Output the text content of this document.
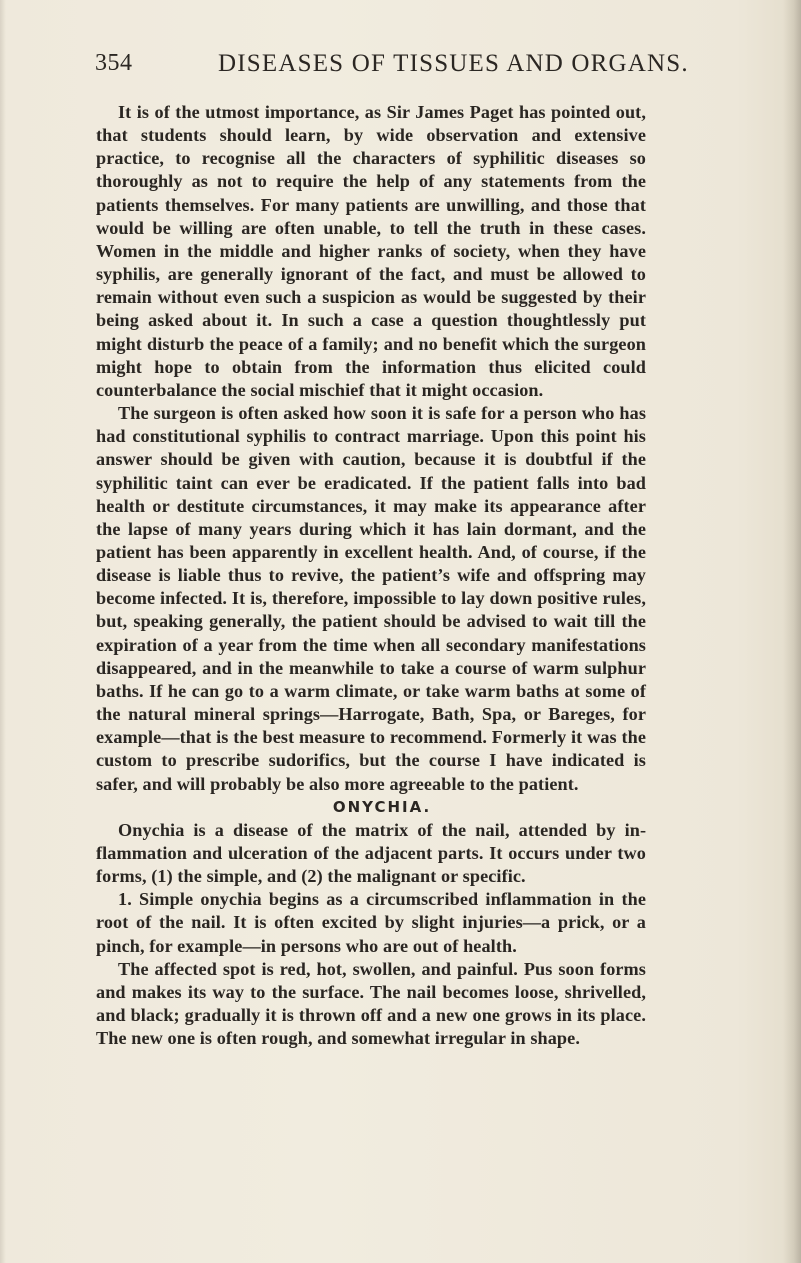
354	DISEASES OF TISSUES AND ORGANS.

It is of the utmost importance, as Sir James Paget has pointed out, that students should learn, by wide observation and extensive practice, to recognise all the characters of syphilitic diseases so thoroughly as not to require the help of any statements from the patients themselves. For many patients are unwilling, and those that would be willing are often unable, to tell the truth in these cases. Women in the middle and higher ranks of society, when they have syphilis, are generally ignorant of the fact, and must be allowed to remain without even such a suspicion as would be suggested by their being asked about it. In such a case a question thoughtlessly put might disturb the peace of a family; and no benefit which the surgeon might hope to obtain from the information thus elicited could counterbalance the social mischief that it might occasion.

The surgeon is often asked how soon it is safe for a person who has had constitutional syphilis to contract marriage. Upon this point his answer should be given with caution, because it is doubtful if the syphilitic taint can ever be eradicated. If the patient falls into bad health or destitute circumstances, it may make its appearance after the lapse of many years during which it has lain dormant, and the patient has been apparently in excellent health. And, of course, if the disease is liable thus to revive, the patient’s wife and offspring may become infected. It is, therefore, impossible to lay down positive rules, but, speaking generally, the patient should be advised to wait till the expiration of a year from the time when all secondary manifestations disappeared, and in the meanwhile to take a course of warm sulphur baths. If he can go to a warm climate, or take warm baths at some of the natural mineral springs—Harrogate, Bath, Spa, or Bareges, for example—that is the best measure to recommend. Formerly it was the custom to prescribe sudorifics, but the course I have indicated is safer, and will probably be also more agreeable to the patient.

ONYCHIA.

Onychia is a disease of the matrix of the nail, attended by inflammation and ulceration of the adjacent parts. It occurs under two forms, (1) the simple, and (2) the malignant or specific.

1. Simple onychia begins as a circumscribed inflammation in the root of the nail. It is often excited by slight injuries—a prick, or a pinch, for example—in persons who are out of health.

The affected spot is red, hot, swollen, and painful. Pus soon forms and makes its way to the surface. The nail becomes loose, shrivelled, and black; gradually it is thrown off and a new one grows in its place. The new one is often rough, and somewhat irregular in shape.
